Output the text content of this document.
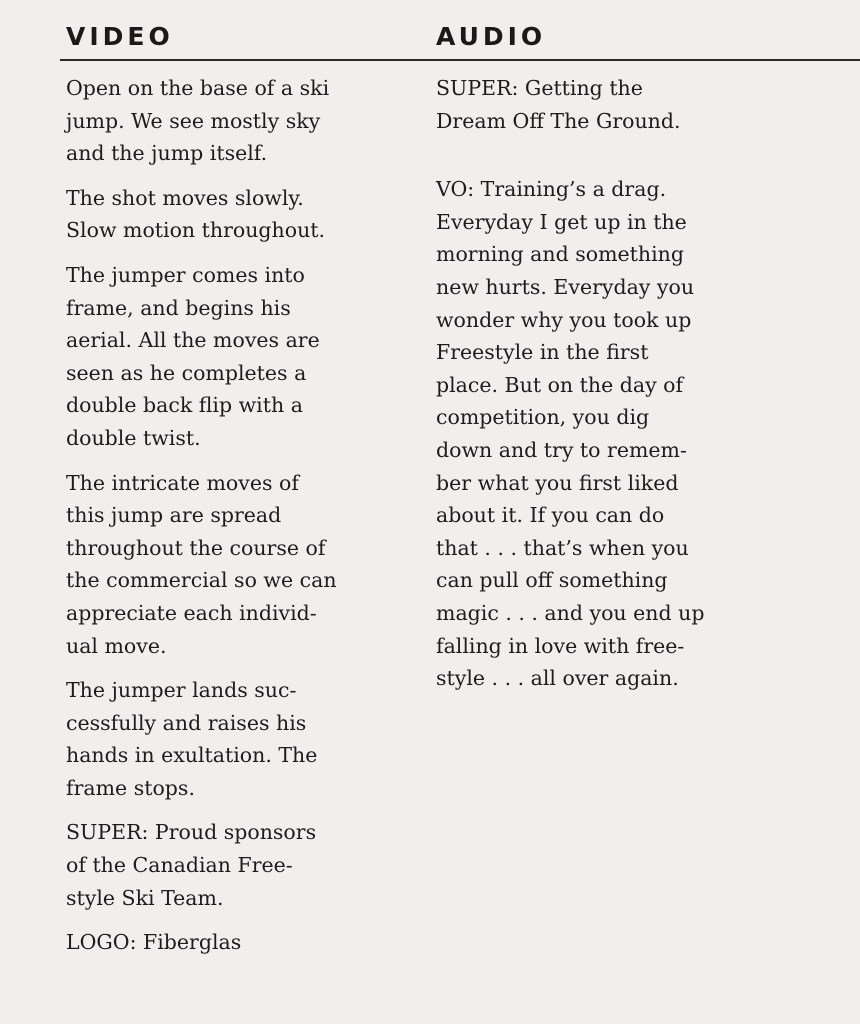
VIDEO	AUDIO

Open on the base of a ski
jump. We see mostly sky
and the jump itself.

The shot moves slowly.
Slow motion throughout.

The jumper comes into
frame, and begins his
aerial. All the moves are
seen as he completes a
double back flip with a
double twist.

The intricate moves of
this jump are spread
throughout the course of
the commercial so we can
appreciate each individ-
ual move.

The jumper lands suc-
cessfully and raises his
hands in exultation. The
frame stops.

SUPER: Proud sponsors
of the Canadian Free-
style Ski Team.

LOGO: Fiberglas

SUPER: Getting the
Dream Off The Ground.

VO: Training’s a drag.
Everyday I get up in the
morning and something
new hurts. Everyday you
wonder why you took up
Freestyle in the first
place. But on the day of
competition, you dig
down and try to remem-
ber what you first liked
about it. If you can do
that . . . that’s when you
can pull off something
magic . . . and you end up
falling in love with free-
style . . . all over again.
